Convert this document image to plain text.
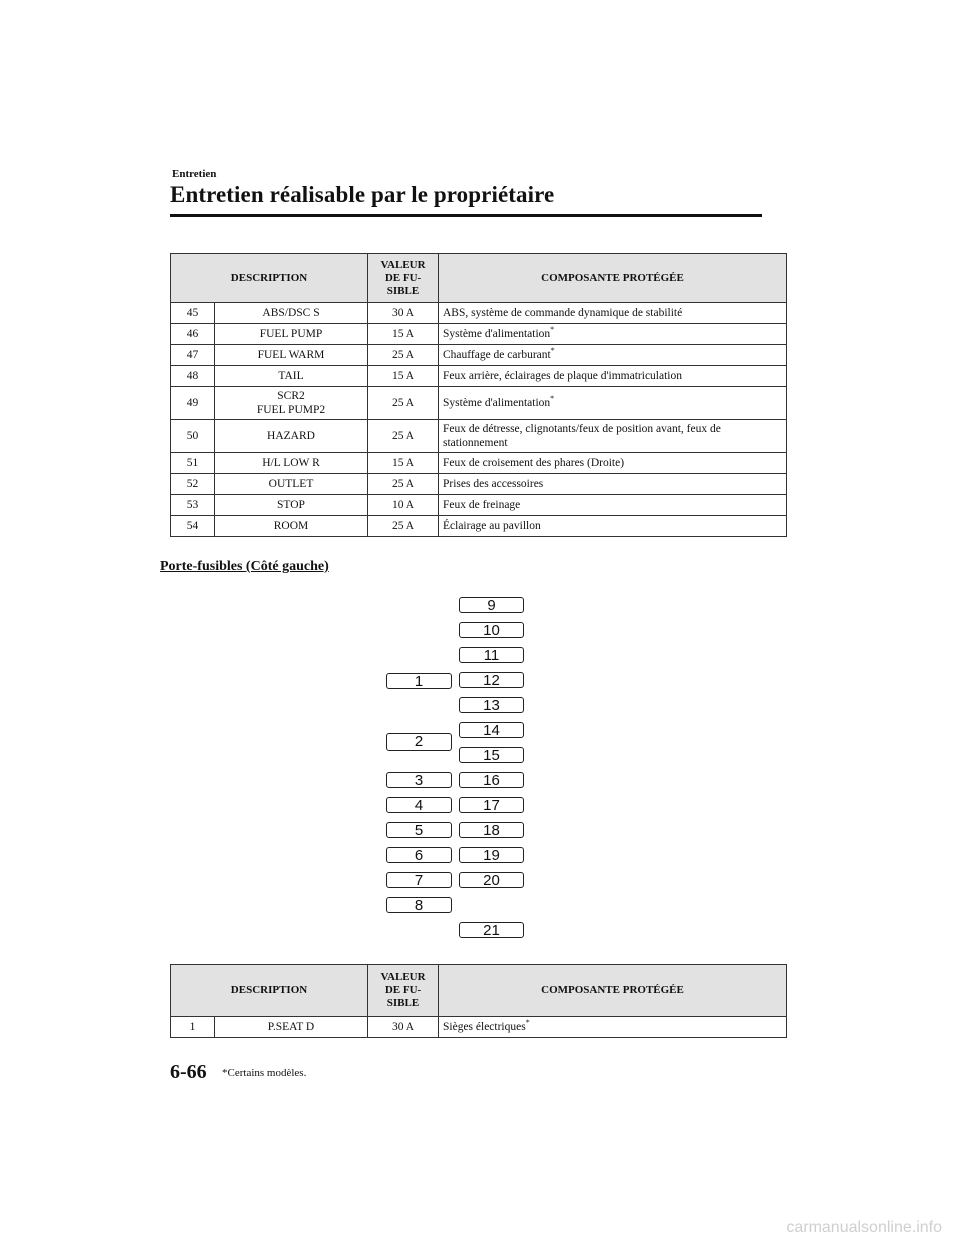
Entretien
Entretien réalisable par le propriétaire
DESCRIPTION		VALEUR
DE FU-
SIBLE	COMPOSANTE PROTÉGÉE
45	ABS/DSC S	30 A	ABS, système de commande dynamique de stabilité
46	FUEL PUMP	15 A	Système d'alimentation*
47	FUEL WARM	25 A	Chauffage de carburant*
48	TAIL	15 A	Feux arrière, éclairages de plaque d'immatriculation
49	SCR2
FUEL PUMP2	25 A	Système d'alimentation*
50	HAZARD	25 A	Feux de détresse, clignotants/feux de position avant, feux de stationnement
51	H/L LOW R	15 A	Feux de croisement des phares (Droite)
52	OUTLET	25 A	Prises des accessoires
53	STOP	10 A	Feux de freinage
54	ROOM	25 A	Éclairage au pavillon
Porte-fusibles (Côté gauche)
1
2
3
4
5
6
7
8
9
10
11
12
13
14
15
16
17
18
19
20
21
DESCRIPTION		VALEUR
DE FU-
SIBLE	COMPOSANTE PROTÉGÉE
1	P.SEAT D	30 A	Sièges électriques*
6-66 *Certains modèles.
carmanualsonline.info
